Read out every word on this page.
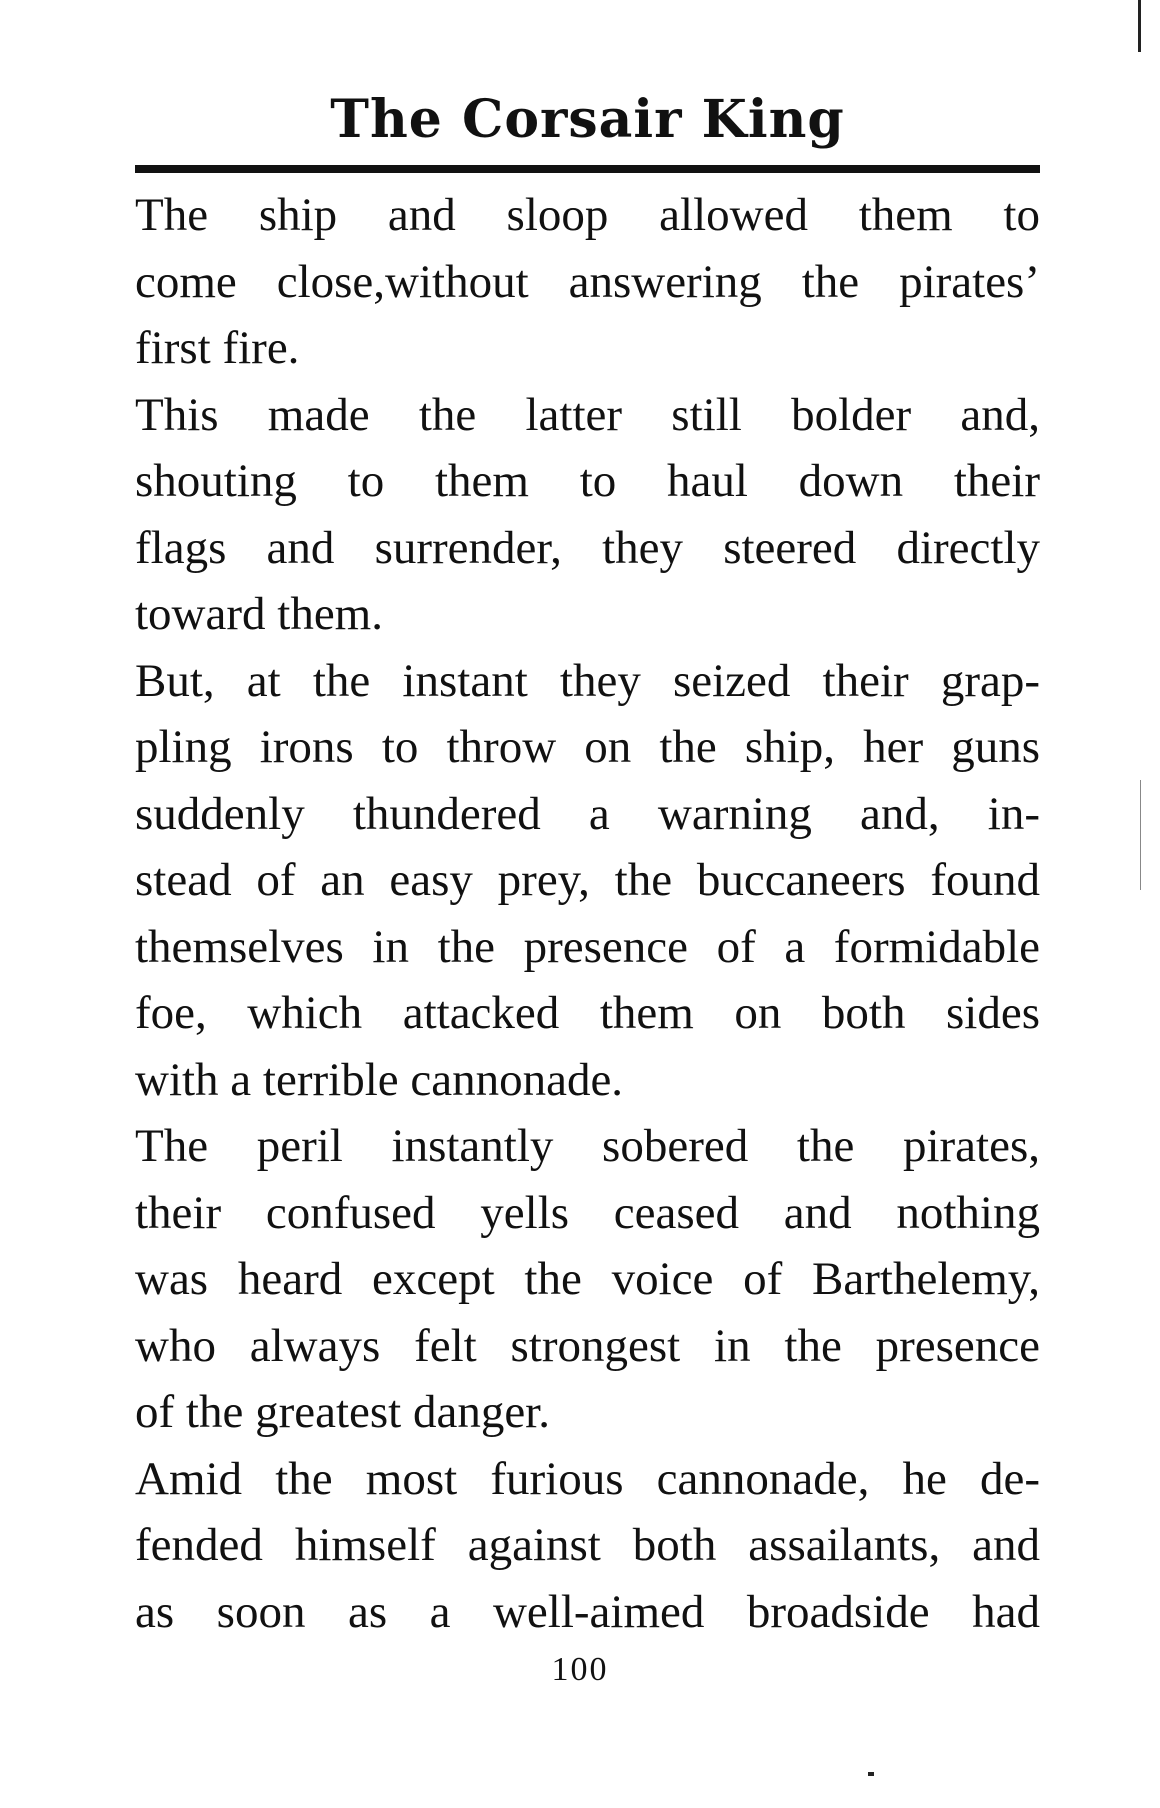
The Corsair King
The ship and sloop allowed them to
come close,without answering the pirates’
first fire.
This made the latter still bolder and,
shouting to them to haul down their
flags and surrender, they steered directly
toward them.
But, at the instant they seized their grap-
pling irons to throw on the ship, her guns
suddenly thundered a warning and, in-
stead of an easy prey, the buccaneers found
themselves in the presence of a formidable
foe, which attacked them on both sides
with a terrible cannonade.
The peril instantly sobered the pirates,
their confused yells ceased and nothing
was heard except the voice of Barthelemy,
who always felt strongest in the presence
of the greatest danger.
Amid the most furious cannonade, he de-
fended himself against both assailants, and
as soon as a well-aimed broadside had
100
